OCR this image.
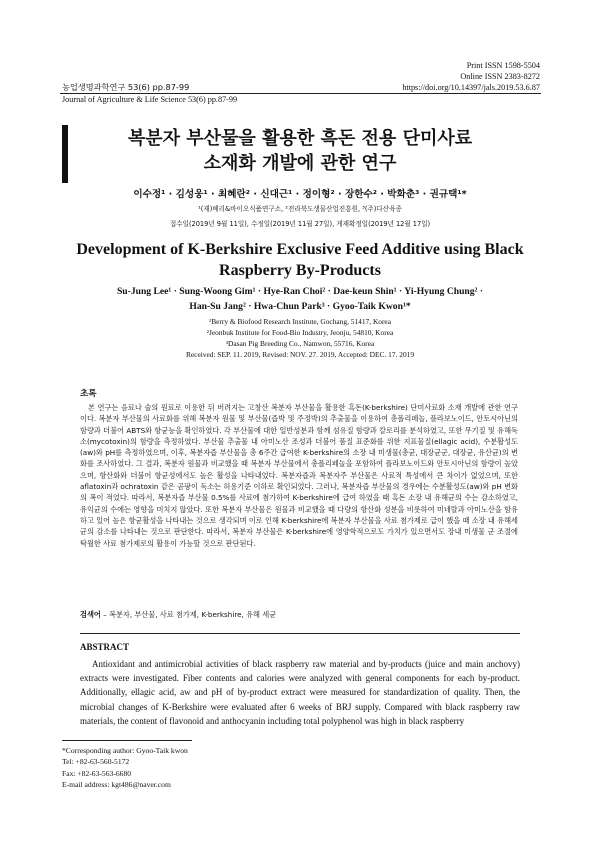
Print ISSN 1598-5504
Online ISSN 2383-8272
https://doi.org/10.14397/jals.2019.53.6.87
농업생명과학연구 53(6) pp.87-99
Journal of Agriculture & Life Science 53(6) pp.87-99
복분자 부산물을 활용한 흑돈 전용 단미사료
소재화 개발에 관한 연구
이수정¹ · 김성웅¹ · 최혜란² · 신대근¹ · 정이형² · 장한수² · 박화춘³ · 권규택¹*
¹(재)베리&바이오식품연구소, ²전라북도생물산업진흥원, ³(주)다산육종
접수일(2019년 9월 11일), 수정일(2019년 11월 27일), 게재확정일(2019년 12월 17일)
Development of K-Berkshire Exclusive Feed Additive using Black
Raspberry By-Products
Su-Jung Lee¹ · Sung-Woong Gim¹ · Hye-Ran Choi² · Dae-keun Shin¹ · Yi-Hyung Chung² ·
Han-Su Jang² · Hwa-Chun Park³ · Gyoo-Taik Kwon¹*
¹Berry & Biofood Research Institute, Gochang, 51417, Korea
²Jeonbuk Institute for Food-Bio Industry, Jeonju, 54810, Korea
³Dasan Pig Breeding Co., Namwon, 55716, Korea
Received: SEP. 11. 2019, Revised: NOV. 27. 2019, Accepted: DEC. 17. 2019
초록

본 연구는 음료나 술의 원료로 이용한 뒤 버려지는 고창산 복분자 부산물을 활용한 흑돈(K-berkshire) 단미사료화 소재 개발에 관한 연구이다. 복분자 부산물의 사료화를 위해 복분자 원물 및 부산물(즙박 및 주정박)의 추출물을 이용하여 총폴리페놀, 플라보노이드, 안토시아닌의 함량과 더불어 ABTS와 항균능을 확인하였다. 각 부산물에 대한 일반성분과 함께 섬유질 함량과 칼로리를 분석하였고, 또한 무기질 및 유해독소(mycotoxin)의 함량을 측정하였다. 부산물 추출물 내 아미노산 조성과 더불어 품질 표준화를 위한 지표물질(ellagic acid), 수분활성도(aw)와 pH를 측정하였으며, 이후, 복분자즙 부산물을 총 6주간 급여한 K-berkshire의 소장 내 미생물(총균, 대장균군, 대장균, 유산균)의 변화를 조사하였다. 그 결과, 복분자 원물과 비교했을 때 복분자 부산물에서 총폴리페놀을 포함하여 플라보노이드와 안토시아닌의 함량이 높았으며, 항산화와 더불어 항균성에서도 높은 활성을 나타내었다. 복분자즙과 복분자주 부산물은 사료적 특성에서 큰 차이가 없었으며, 또한 aflatoxin과 ochratoxin 같은 곰팡이 독소는 허용기준 이하로 확인되었다. 그러나, 복분자즙 부산물의 경우에는 수분활성도(aw)와 pH 변화의 폭이 적었다. 따라서, 복분자즙 부산물 0.5%를 사료에 첨가하여 K-berkshire에 급여 하였을 때 흑돈 소장 내 유해균의 수는 감소하였고, 유익균의 수에는 영향을 미치지 않았다. 또한 복분자 부산물은 원물과 비교했을 때 다량의 항산화 성분을 비롯하여 미네랄과 아미노산을 함유하고 있어 높은 항균활성을 나타내는 것으로 생각되며 이로 인해 K-berkshire에 복분자 부산물을 사료 첨가제로 급이 했을 때 소장 내 유해세균의 감소를 나타내는 것으로 판단한다. 따라서, 복분자 부산물은 K-berkshire에 영양학적으로도 가치가 있으면서도 장내 미생물 군 조절에 탁월한 사료 첨가제로의 활용이 가능할 것으로 판단된다.

검색어 – 복분자, 부산물, 사료 첨가제, K-berkshire, 유해 세균
ABSTRACT

Antioxidant and antimicrobial activities of black raspberry raw material and by-products (juice and main anchovy) extracts were investigated. Fiber contents and calories were analyzed with general components for each by-product. Additionally, ellagic acid, aw and pH of by-product extract were measured for standardization of quality. Then, the microbial changes of K-Berkshire were evaluated after 6 weeks of BRJ supply. Compared with black raspberry raw materials, the content of flavonoid and anthocyanin including total polyphenol was high in black raspberry

*Corresponding author: Gyoo-Taik kwon
Tel: +82-63-560-5172
Fax: +82-63-563-6680
E-mail address: kgt486@naver.com
